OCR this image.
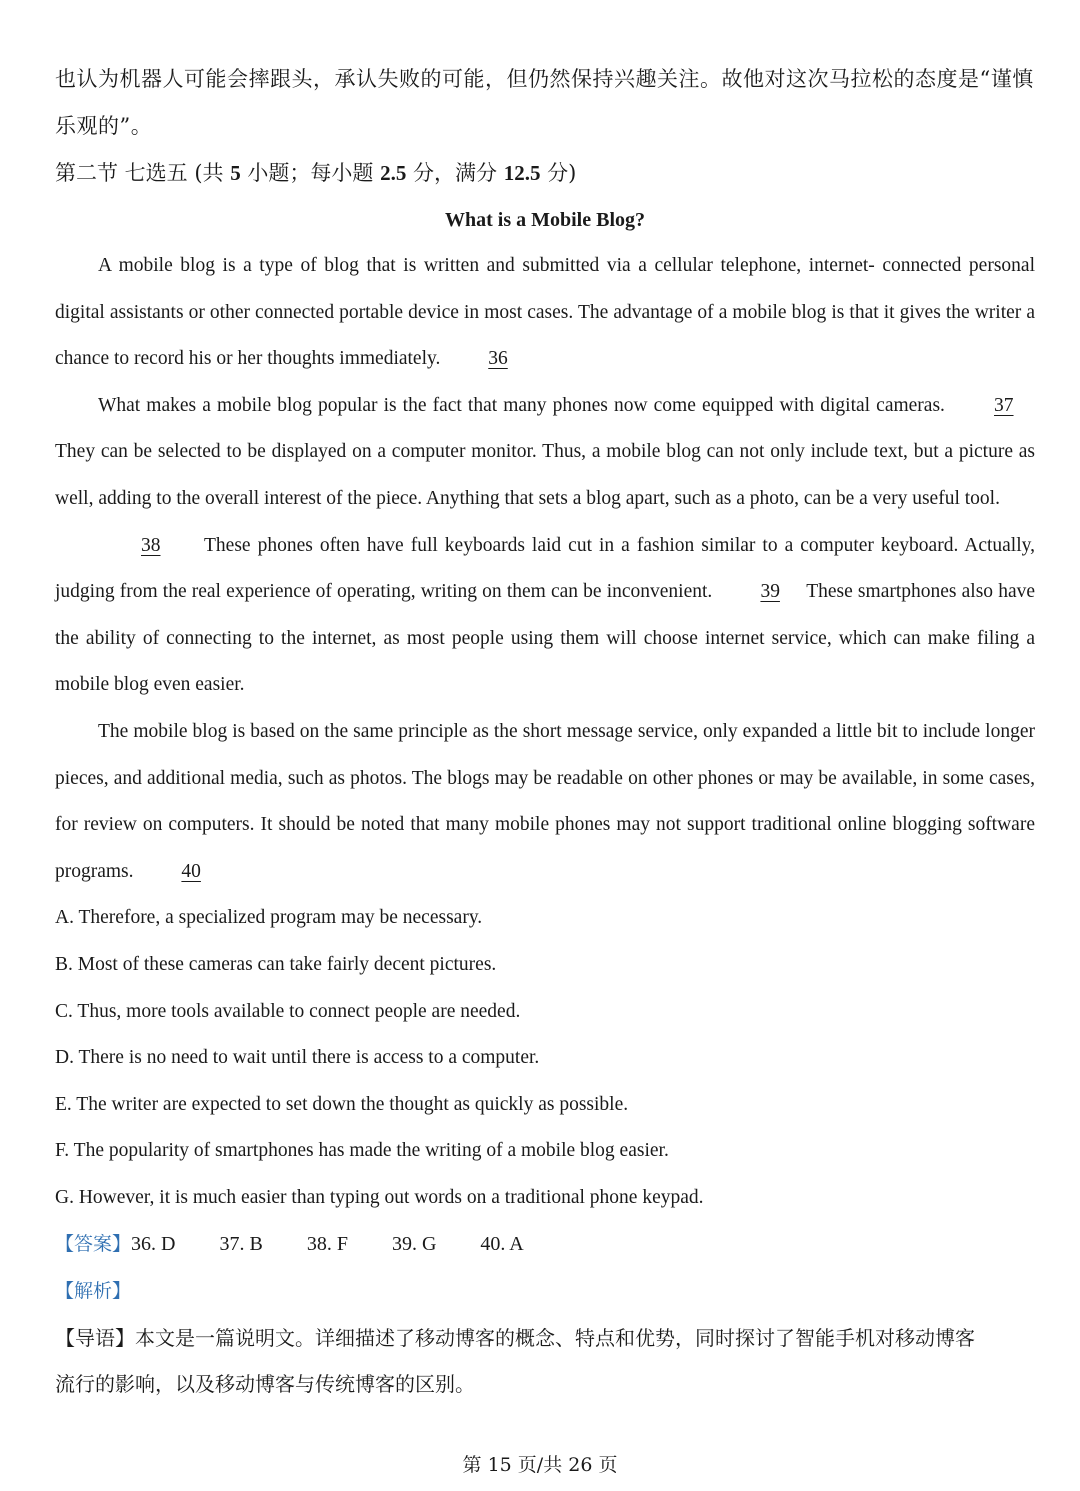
也认为机器人可能会摔跟头，承认失败的可能，但仍然保持兴趣关注。故他对这次马拉松的态度是“谨慎

乐观的”。

第二节 七选五 (共 5 小题；每小题 2.5 分，满分 12.5 分)

What is a Mobile Blog?

A mobile blog is a type of blog that is written and submitted via a cellular telephone, internet- connected personal digital assistants or other connected portable device in most cases. The advantage of a mobile blog is that it gives the writer a chance to record his or her thoughts immediately. 36

What makes a mobile blog popular is the fact that many phones now come equipped with digital cameras.	37They can be selected to be displayed on a computer monitor. Thus, a mobile blog can not only include text, but a picture as well, adding to the overall interest of the piece. Anything that sets a blog apart, such as a photo, can be a very useful tool.

38 These phones often have full keyboards laid cut in a fashion similar to a computer keyboard. Actually, judging from the real experience of operating, writing on them can be inconvenient. 39 These smartphones also have the ability of connecting to the internet, as most people using them will choose internet service, which can make filing a mobile blog even easier.

The mobile blog is based on the same principle as the short message service, only expanded a little bit to include longer pieces, and additional media, such as photos. The blogs may be readable on other phones or may be available, in some cases, for review on computers. It should be noted that many mobile phones may not support traditional online blogging software programs. 40

A. Therefore, a specialized program may be necessary.

B. Most of these cameras can take fairly decent pictures.

C. Thus, more tools available to connect people are needed.

D. There is no need to wait until there is access to a computer.

E. The writer are expected to set down the thought as quickly as possible.

F. The popularity of smartphones has made the writing of a mobile blog easier.

G. However, it is much easier than typing out words on a traditional phone keypad.

【答案】36. D 37. B 38. F 39. G 40. A

【解析】

【导语】本文是一篇说明文。详细描述了移动博客的概念、特点和优势，同时探讨了智能手机对移动博客

流行的影响，以及移动博客与传统博客的区别。

第 15 页/共 26 页
